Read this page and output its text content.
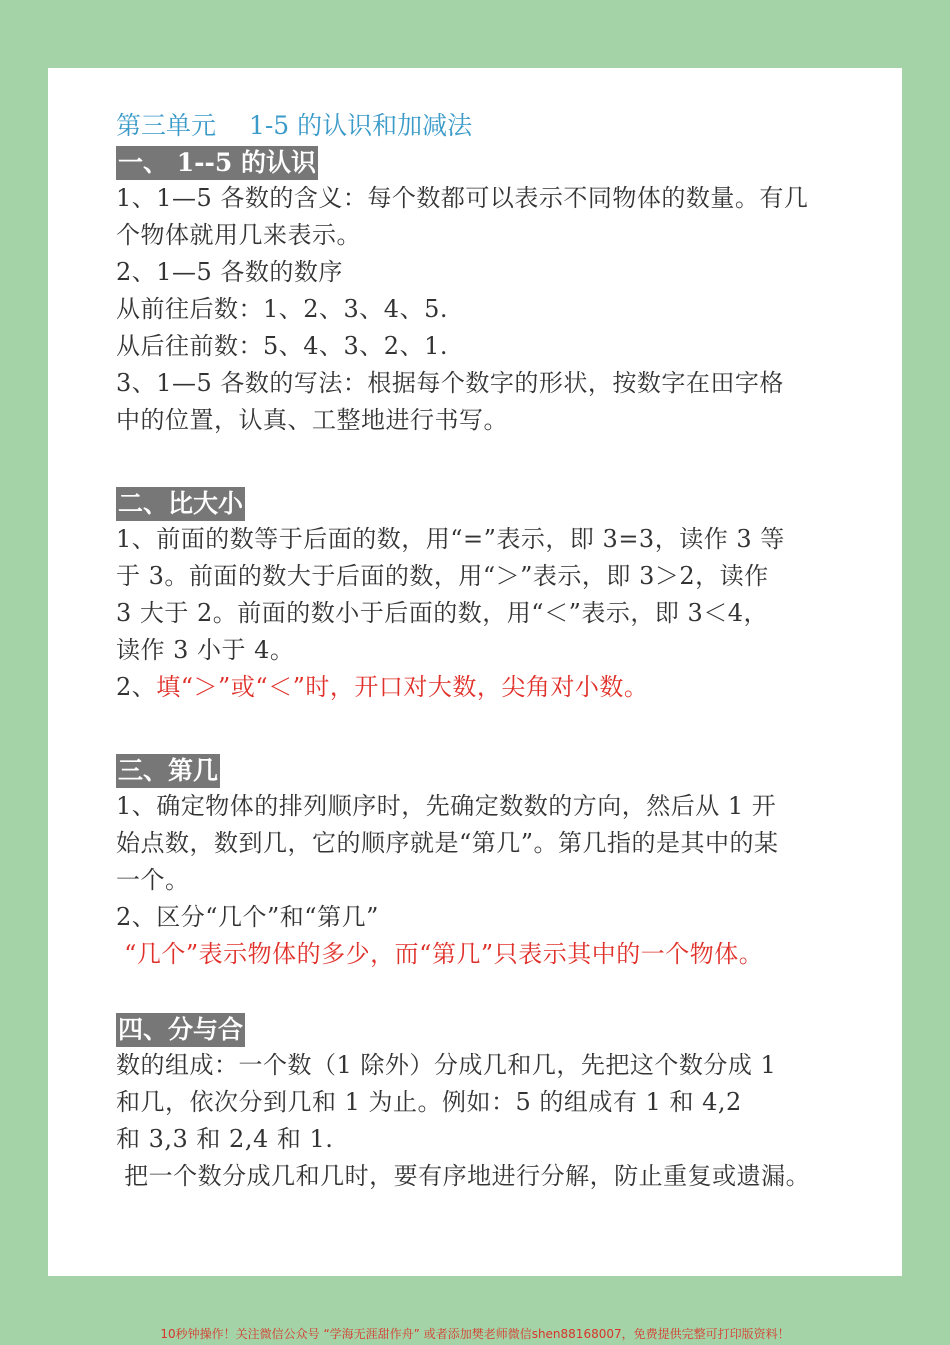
第三单元　 1-5 的认识和加减法
一、 1--5 的认识

1、1—5 各数的含义：每个数都可以表示不同物体的数量。有几

个物体就用几来表示。

2、1—5 各数的数序

从前往后数：1、2、3、4、5.

从后往前数：5、4、3、2、1.

3、1—5 各数的写法：根据每个数字的形状，按数字在田字格

中的位置，认真、工整地进行书写。

二、比大小

1、前面的数等于后面的数，用“=”表示，即 3=3，读作 3 等

于 3。前面的数大于后面的数，用“＞”表示，即 3＞2，读作

3 大于 2。前面的数小于后面的数，用“＜”表示，即 3＜4，

读作 3 小于 4。

2、填“＞”或“＜”时，开口对大数，尖角对小数。

三、第几

1、确定物体的排列顺序时，先确定数数的方向，然后从 1 开

始点数，数到几，它的顺序就是“第几”。第几指的是其中的某

一个。

2、区分“几个”和“第几”

“几个”表示物体的多少，而“第几”只表示其中的一个物体。

四、分与合

数的组成：一个数（1 除外）分成几和几，先把这个数分成 1

和几，依次分到几和 1 为止。例如：5 的组成有 1 和 4,2

和 3,3 和 2,4 和 1.

把一个数分成几和几时，要有序地进行分解，防止重复或遗漏。

10秒钟操作！关注微信公众号 “学海无涯甜作舟” 或者添加樊老师微信shen88168007，免费提供完整可打印版资料！
